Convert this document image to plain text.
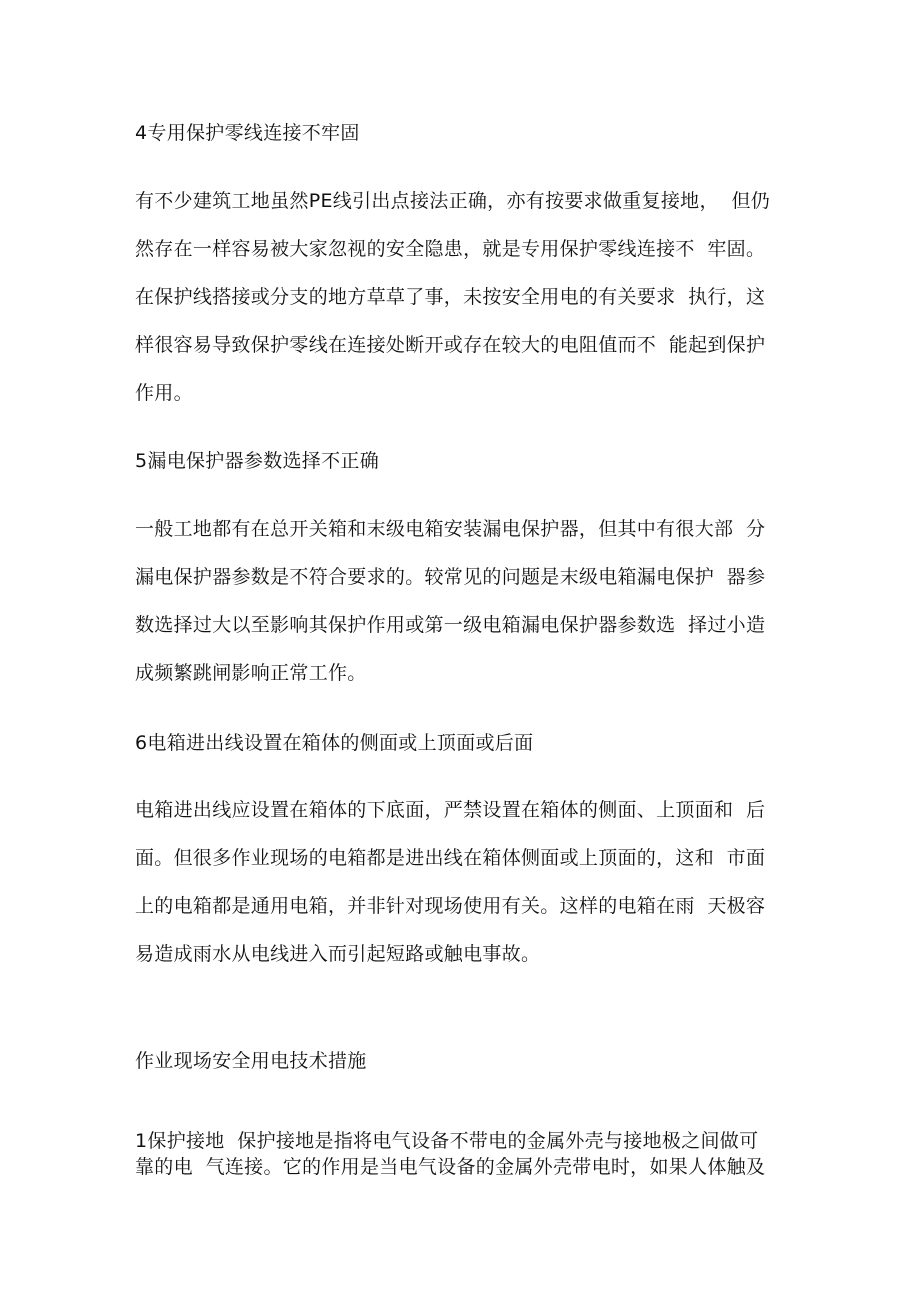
4专用保护零线连接不牢固
有不少建筑工地虽然PE线引出点接法正确，亦有按要求做重复接地，  但仍
然存在一样容易被大家忽视的安全隐患，就是专用保护零线连接不  牢固。
在保护线搭接或分支的地方草草了事，未按安全用电的有关要求  执行，这
样很容易导致保护零线在连接处断开或存在较大的电阻值而不  能起到保护
作用。
5漏电保护器参数选择不正确
一般工地都有在总开关箱和末级电箱安装漏电保护器，但其中有很大部  分
漏电保护器参数是不符合要求的。较常见的问题是末级电箱漏电保护  器参
数选择过大以至影响其保护作用或第一级电箱漏电保护器参数选  择过小造
成频繁跳闸影响正常工作。
6电箱进出线设置在箱体的侧面或上顶面或后面
电箱进出线应设置在箱体的下底面，严禁设置在箱体的侧面、上顶面和  后
面。但很多作业现场的电箱都是进出线在箱体侧面或上顶面的，这和  市面
上的电箱都是通用电箱，并非针对现场使用有关。这样的电箱在雨  天极容
易造成雨水从电线进入而引起短路或触电事故。
作业现场安全用电技术措施
1保护接地  保护接地是指将电气设备不带电的金属外壳与接地极之间做可
靠的电  气连接。它的作用是当电气设备的金属外壳带电时，如果人体触及
